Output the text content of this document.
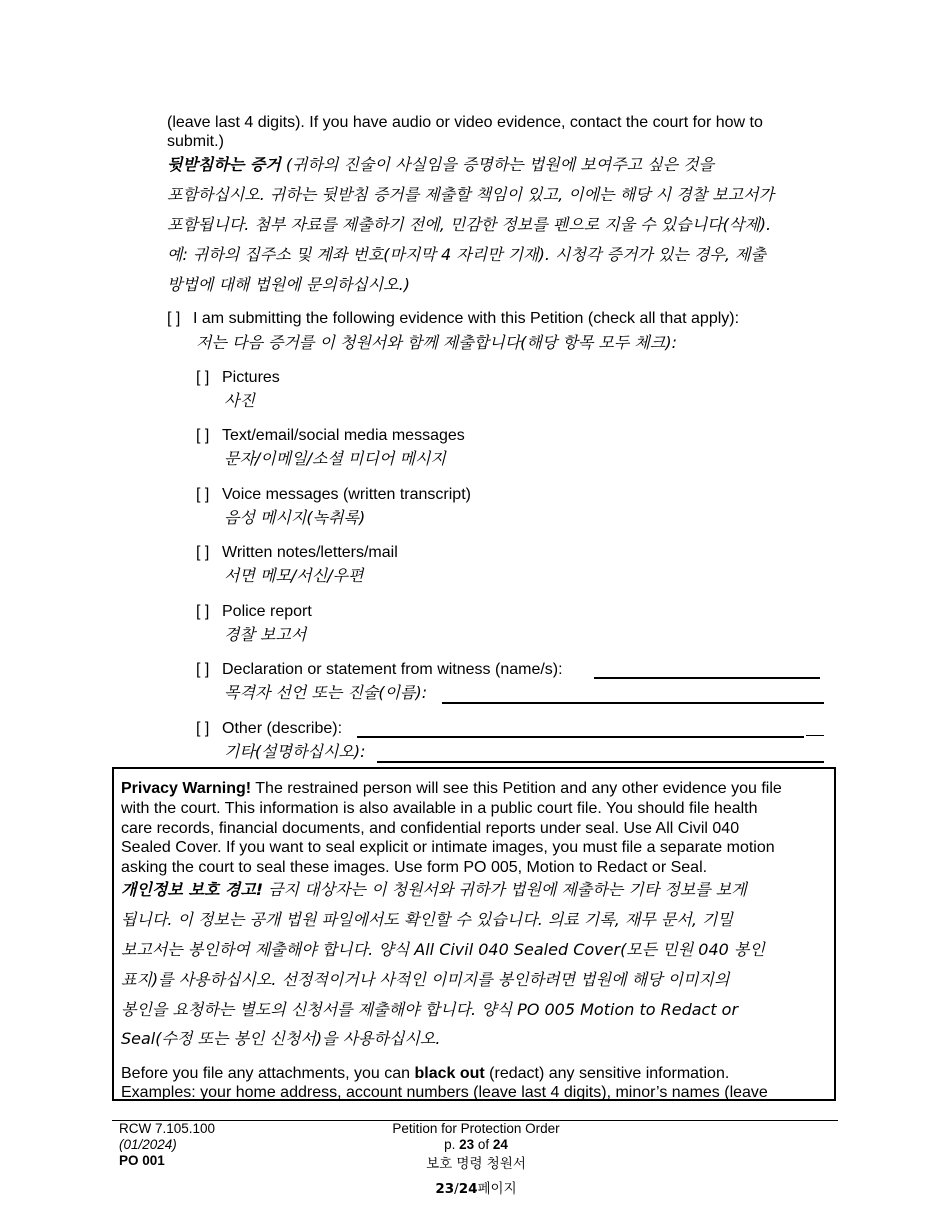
(leave last 4 digits). If you have audio or video evidence, contact the court for how to
submit.)
뒷받침하는 증거 (귀하의 진술이 사실임을 증명하는 법원에 보여주고 싶은 것을
포함하십시오. 귀하는 뒷받침 증거를 제출할 책임이 있고, 이에는 해당 시 경찰 보고서가
포함됩니다. 첨부 자료를 제출하기 전에, 민감한 정보를 펜으로 지울 수 있습니다(삭제).
예: 귀하의 집주소 및 계좌 번호(마지막 4 자리만 기재). 시청각 증거가 있는 경우, 제출
방법에 대해 법원에 문의하십시오.)
[ ] I am submitting the following evidence with this Petition (check all that apply):
저는 다음 증거를 이 청원서와 함께 제출합니다(해당 항목 모두 체크):
[ ] Pictures
사진
[ ] Text/email/social media messages
문자/이메일/소셜 미디어 메시지
[ ] Voice messages (written transcript)
음성 메시지(녹취록)
[ ] Written notes/letters/mail
서면 메모/서신/우편
[ ] Police report
경찰 보고서
[ ] Declaration or statement from witness (name/s):
목격자 선언 또는 진술(이름):
[ ] Other (describe):
기타(설명하십시오):
Privacy Warning! The restrained person will see this Petition and any other evidence you file
with the court. This information is also available in a public court file. You should file health
care records, financial documents, and confidential reports under seal. Use All Civil 040
Sealed Cover. If you want to seal explicit or intimate images, you must file a separate motion
asking the court to seal these images. Use form PO 005, Motion to Redact or Seal.
개인정보 보호 경고! 금지 대상자는 이 청원서와 귀하가 법원에 제출하는 기타 정보를 보게
됩니다. 이 정보는 공개 법원 파일에서도 확인할 수 있습니다. 의료 기록, 재무 문서, 기밀
보고서는 봉인하여 제출해야 합니다. 양식 All Civil 040 Sealed Cover(모든 민원 040 봉인
표지)를 사용하십시오. 선정적이거나 사적인 이미지를 봉인하려면 법원에 해당 이미지의
봉인을 요청하는 별도의 신청서를 제출해야 합니다. 양식 PO 005 Motion to Redact or
Seal(수정 또는 봉인 신청서)을 사용하십시오.
Before you file any attachments, you can black out (redact) any sensitive information.
Examples: your home address, account numbers (leave last 4 digits), minor’s names (leave
RCW 7.105.100
(01/2024)
PO 001
Petition for Protection Order
p. 23 of 24
보호 명령 청원서
23/24페이지
